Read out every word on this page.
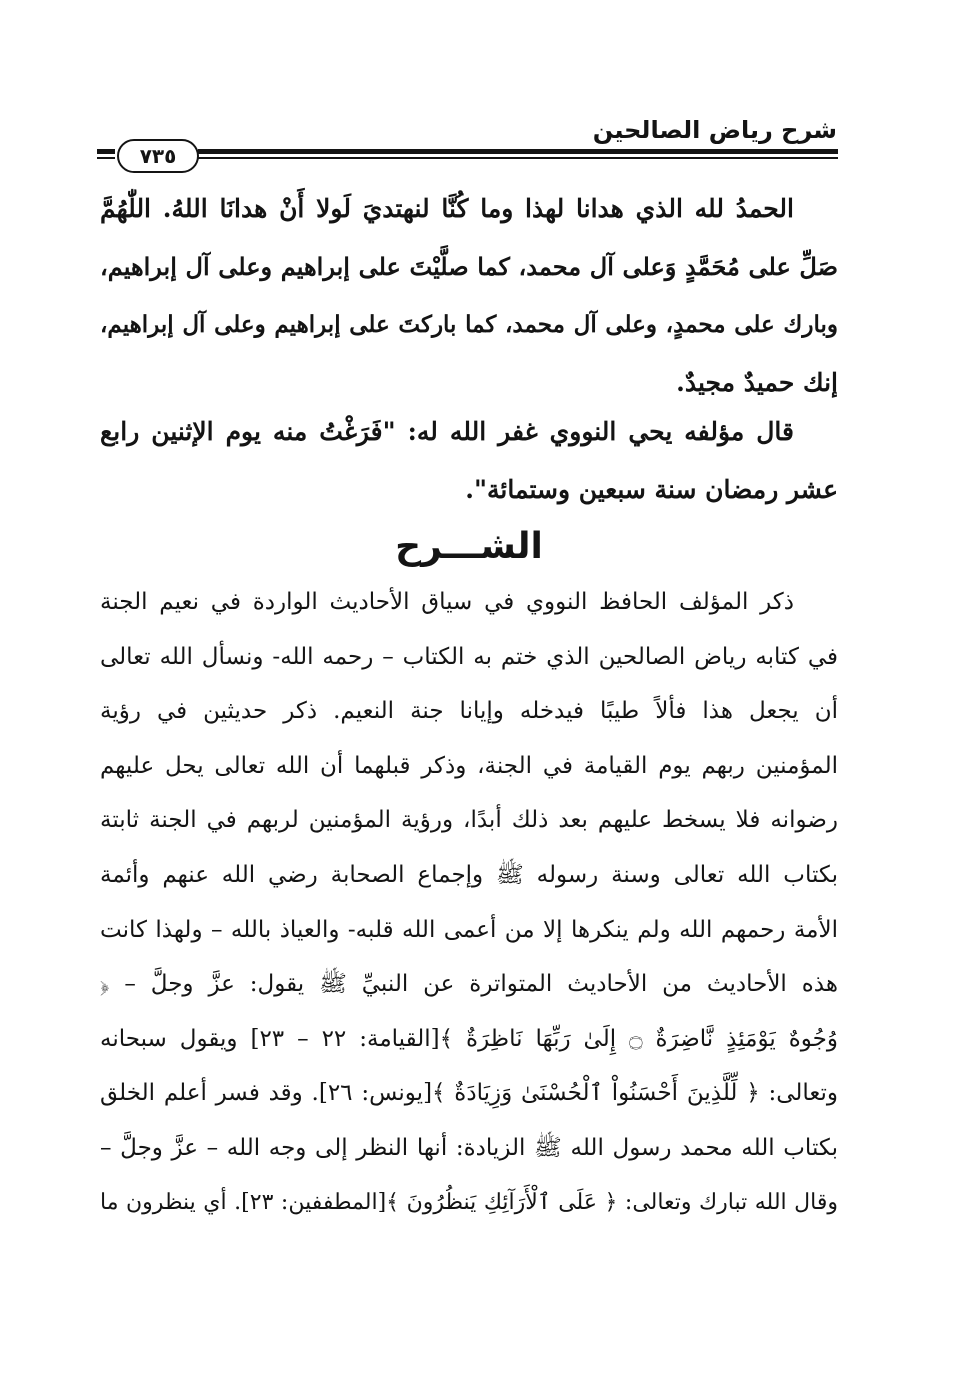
شرح رياض الصالحين
٧٣٥
الحمدُ لله الذي هدانا لهذا وما كُنَّا لنهتديَ لَولا أَنْ هدانَا اللهُ. اللّٰهُمَّ
صَلِّ على مُحَمَّدٍ وَعلى آل محمد، كما صلَّيْتَ على إبراهيم وعلى آل إبراهيم،
وبارك على محمدٍ، وعلى آل محمد، كما باركتَ على إبراهيم وعلى آل إبراهيم،
إنك حميدٌ مجيدٌ.
قال مؤلفه يحي النووي غفر الله له: "فَرَغْتُ منه يوم الإثنين رابع
عشر رمضان سنة سبعين وستمائة".
الشـــرح
ذكر المؤلف الحافظ النووي في سياق الأحاديث الواردة في نعيم الجنة
في كتابه رياض الصالحين الذي ختم به الكتاب – رحمه الله- ونسأل الله تعالى
أن يجعل هذا فألاً طيبًا فيدخله وإيانا جنة النعيم. ذكر حديثين في رؤية
المؤمنين ربهم يوم القيامة في الجنة، وذكر قبلهما أن الله تعالى يحل عليهم
رضوانه فلا يسخط عليهم بعد ذلك أبدًا، ورؤية المؤمنين لربهم في الجنة ثابتة
بكتاب الله تعالى وسنة رسوله ﷺ وإجماع الصحابة رضي الله عنهم وأئمة
الأمة رحمهم الله ولم ينكرها إلا من أعمى الله قلبه- والعياذ بالله – ولهذا كانت
هذه الأحاديث من الأحاديث المتواترة عن النبيِّ ﷺ يقول: عزَّ وجلَّ – ﴿
وُجُوهٌ يَوْمَئِذٍ نَّاضِرَةٌ ۝ إِلَىٰ رَبِّهَا نَاظِرَةٌ ﴾[القيامة: ٢٢ – ٢٣] ويقول سبحانه
وتعالى: ﴿ لِّلَّذِينَ أَحْسَنُواْ ٱلْحُسْنَىٰ وَزِيَادَةٌ ﴾[يونس: ٢٦]. وقد فسر أعلم الخلق
بكتاب الله محمد رسول الله ﷺ الزيادة: أنها النظر إلى وجه الله – عزَّ وجلَّ –
وقال الله تبارك وتعالى: ﴿ عَلَى ٱلْأَرَآئِكِ يَنظُرُونَ ﴾[المطففين: ٢٣]. أي ينظرون ما
